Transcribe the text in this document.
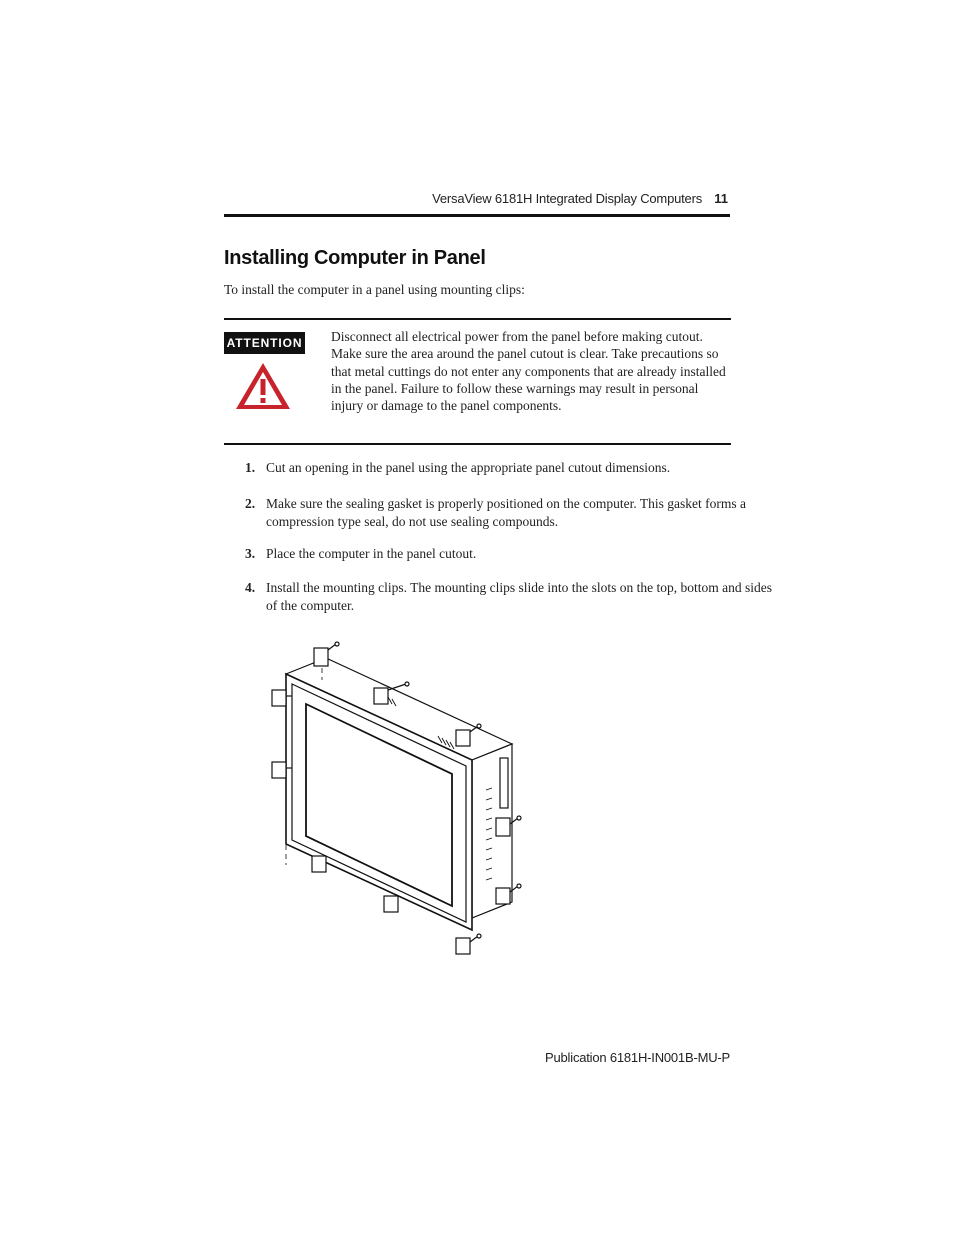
VersaView 6181H Integrated Display Computers 11
Installing Computer in Panel
To install the computer in a panel using mounting clips:
ATTENTION Disconnect all electrical power from the panel before making cutout. Make sure the area around the panel cutout is clear. Take precautions so that metal cuttings do not enter any components that are already installed in the panel. Failure to follow these warnings may result in personal injury or damage to the panel components.
1. Cut an opening in the panel using the appropriate panel cutout dimensions.
2. Make sure the sealing gasket is properly positioned on the computer. This gasket forms a compression type seal, do not use sealing compounds.
3. Place the computer in the panel cutout.
4. Install the mounting clips. The mounting clips slide into the slots on the top, bottom and sides of the computer.
Publication 6181H-IN001B-MU-P
